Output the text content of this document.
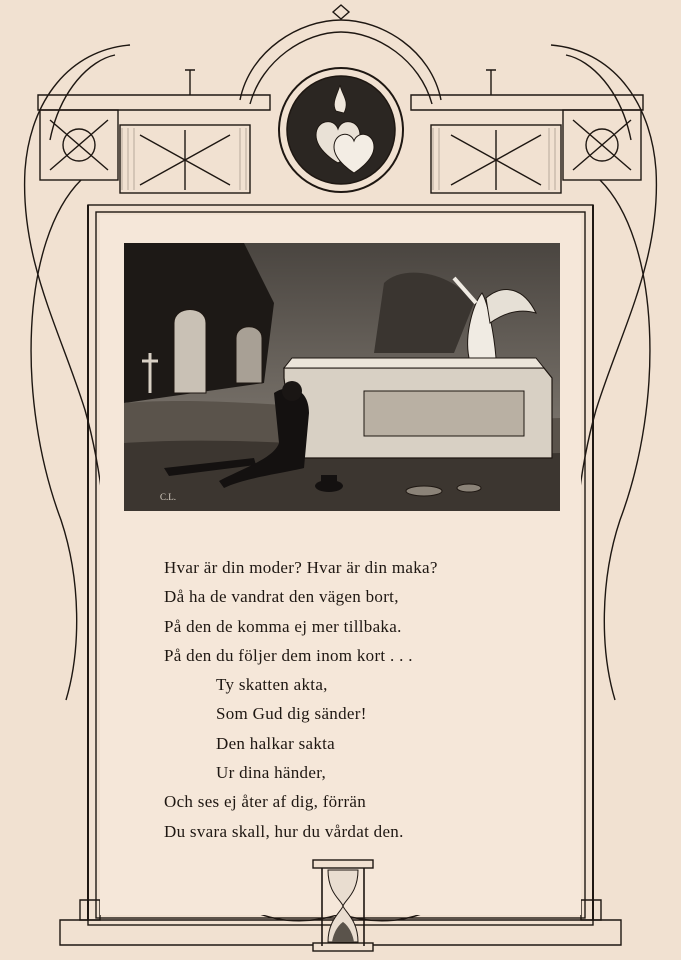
C.L.
Hvar är din moder? Hvar är din maka?
Då ha de vandrat den vägen bort,
På den de komma ej mer tillbaka.
På den du följer dem inom kort . . .
Ty skatten akta,
Som Gud dig sänder!
Den halkar sakta
Ur dina händer,
Och ses ej åter af dig, förrän
Du svara skall, hur du vårdat den.
